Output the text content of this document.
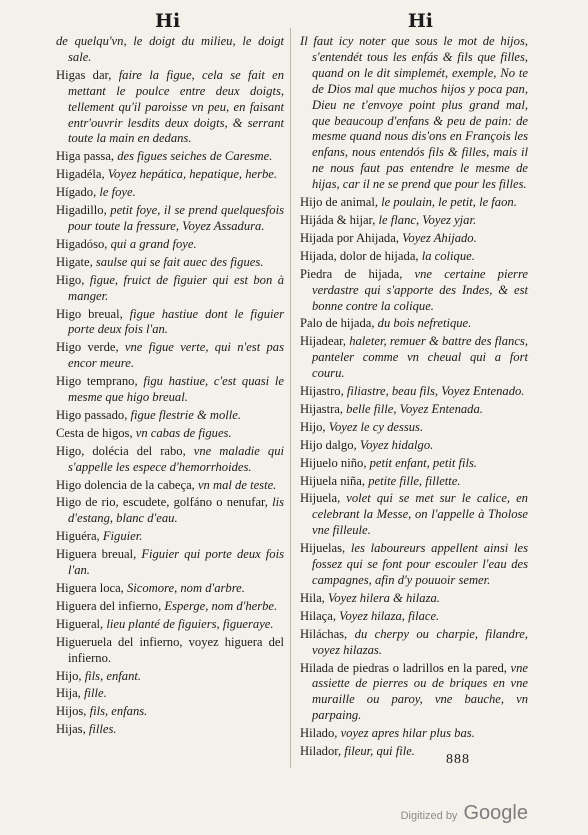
Hi	Hi
de quelqu'vn, le doigt du milieu, le doigt sale.
Higas dar, faire la figue, cela se fait en mettant le poulce entre deux doigts, tellement qu'il paroisse vn peu, en faisant entr'ouvrir lesdits deux doigts, & serrant toute la main en dedans.
Higa passa, des figues seiches de Caresme.
Higadéla, Voyez hepática, hepatique, herbe.
Hígado, le foye.
Higadillo, petit foye, il se prend quelquesfois pour toute la fressure, Voyez Assadura.
Higadóso, qui a grand foye.
Higate, saulse qui se fait auec des figues.
Higo, figue, fruict de figuier qui est bon à manger.
Higo breual, figue hastiue dont le figuier porte deux fois l'an.
Higo verde, vne figue verte, qui n'est pas encor meure.
Higo temprano, figu hastiue, c'est quasi le mesme que higo breual.
Higo passado, figue flestrie & molle.
Cesta de higos, vn cabas de figues.
Higo, dolécia del rabo, vne maladie qui s'appelle les espece d'hemorrhoides.
Higo dolencia de la cabeça, vn mal de teste.
Higo de rio, escudete, golfáno o nenufar, lis d'estang, blanc d'eau.
Higuéra, Figuier.
Higuera breual, Figuier qui porte deux fois l'an.
Higuera loca, Sicomore, nom d'arbre.
Higuera del infierno, Esperge, nom d'herbe.
Higueral, lieu planté de figuiers, figueraye.
Higueruela del infierno, voyez higuera del infierno.
Hijo, fils, enfant.
Hija, fille.
Hijos, fils, enfans.
Hijas, filles.
Il faut icy noter que sous le mot de hijos, s'entendét tous les enfás & fils que filles, quand on le dit simplemét, exemple, No te de Dios mal que muchos hijos y poca pan, Dieu ne t'envoye point plus grand mal, que beaucoup d'enfans & peu de pain: de mesme quand nous dis'ons en François les enfans, nous entendós fils & filles, mais il ne nous faut pas entendre le mesme de hijas, car il ne se prend que pour les filles.
Hijo de animal, le poulain, le petit, le faon.
Hijáda & hijar, le flanc, Voyez yjar.
Hijada por Ahijada, Voyez Ahijado.
Hijada, dolor de hijada, la colique.
Piedra de hijada, vne certaine pierre verdastre qui s'apporte des Indes, & est bonne contre la colique.
Palo de hijada, du bois nefretique.
Hijadear, haleter, remuer & battre des flancs, panteler comme vn cheual qui a fort couru.
Hijastro, filiastre, beau fils, Voyez Entenado.
Hijastra, belle fille, Voyez Entenada.
Hijo, Voyez le cy dessus.
Hijo dalgo, Voyez hidalgo.
Hijuelo niño, petit enfant, petit fils.
Hijuela niña, petite fille, fillette.
Hijuela, volet qui se met sur le calice, en celebrant la Messe, on l'appelle à Tholose vne filleule.
Hijuelas, les laboureurs appellent ainsi les fossez qui se font pour escouler l'eau des campagnes, afin d'y pouuoir semer.
Hila, Voyez hilera & hilaza.
Hilaça, Voyez hilaza, filace.
Hiláchas, du cherpy ou charpie, filandre, voyez hilazas.
Hilada de piedras o ladrillos en la pared, vne assiette de pierres ou de briques en vne muraille ou paroy, vne bauche, vn parpaing.
Hilado, voyez apres hilar plus bas.
Hilador, fileur, qui file.
888
Digitized by Google
